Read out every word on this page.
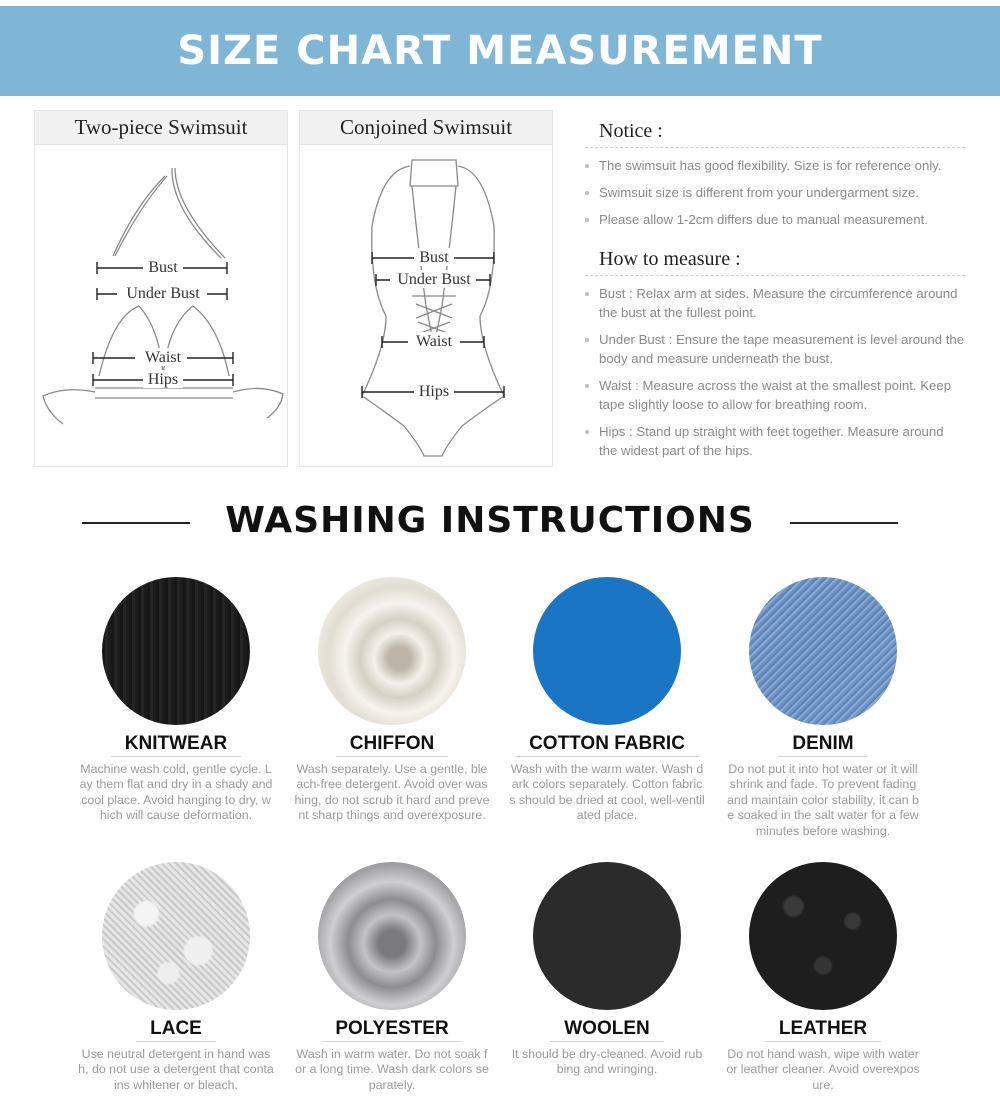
SIZE CHART MEASUREMENT
Two-piece Swimsuit
Bust
Under Bust
Waist
Hips
Conjoined Swimsuit
Bust
Under Bust
Waist
Hips
Notice :
The swimsuit has good flexibility. Size is for reference only.
Swimsuit size is different from your undergarment size.
Please allow 1-2cm differs due to manual measurement.
How to measure :
Bust : Relax arm at sides. Measure the circumference around the bust at the fullest point.
Under Bust : Ensure the tape measurement is level around the body and measure underneath the bust.
Waist : Measure across the waist at the smallest point. Keep tape slightly loose to allow for breathing room.
Hips : Stand up straight with feet together. Measure around the widest part of the hips.
WASHING INSTRUCTIONS
KNITWEAR
Machine wash cold, gentle cycle. Lay them flat and dry in a shady and cool place. Avoid hanging to dry, which will cause deformation.
CHIFFON
Wash separately. Use a gentle, bleach-free detergent. Avoid over washing, do not scrub it hard and prevent sharp things and overexposure.
COTTON FABRIC
Wash with the warm water. Wash dark colors separately. Cotton fabrics should be dried at cool, well-ventilated place.
DENIM
Do not put it into hot water or it will shrink and fade. To prevent fading and maintain color stability, it can be soaked in the salt water for a few minutes before washing.
LACE
Use neutral detergent in hand wash, do not use a detergent that contains whitener or bleach.
POLYESTER
Wash in warm water. Do not soak for a long time. Wash dark colors separately.
WOOLEN
It should be dry-cleaned. Avoid rubbing and wringing.
LEATHER
Do not hand wash, wipe with water or leather cleaner. Avoid overexposure.
